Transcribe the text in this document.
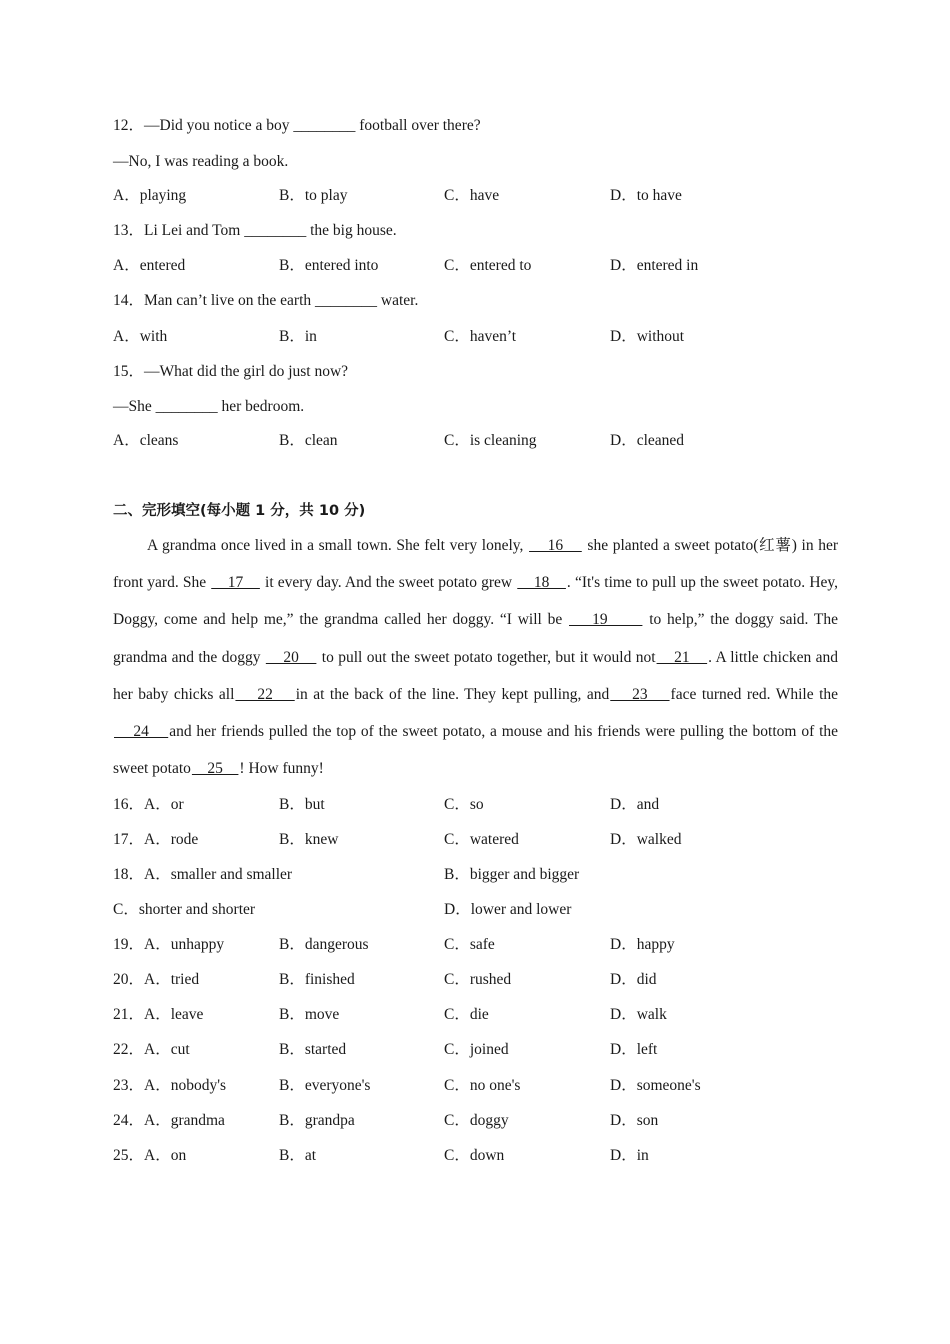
12．—Did you notice a boy ________ football over there?
—No, I was reading a book.
A．playing	B．to play	C．have	D．to have
13．Li Lei and Tom ________ the big house.
A．entered	B．entered into	C．entered to	D．entered in
14．Man can’t live on the earth ________ water.
A．with	B．in	C．haven’t	D．without
15．—What did the girl do just now?
—She ________ her bedroom.
A．cleans	B．clean	C．is cleaning	D．cleaned
二、完形填空(每小题 1 分，共 10 分)
A grandma once lived in a small town. She felt very lonely,     16     she planted a sweet potato(红薯) in her front yard. She     17     it every day. And the sweet potato grew     18    . “It's time to pull up the sweet potato. Hey, Doggy, come and help me,” the grandma called her doggy. “I will be     19       to help,” the doggy said. The grandma and the doggy     20     to pull out the sweet potato together, but it would not    21    . A little chicken and her baby chicks all    22    in at the back of the line. They kept pulling, and    23    face turned red. While the    24    and her friends pulled the top of the sweet potato, a mouse and his friends were pulling the bottom of the sweet potato    25    ! How funny!
16．A．or	B．but	C．so	D．and
17．A．rode	B．knew	C．watered	D．walked
18．A．smaller and smaller	B．bigger and bigger
C．shorter and shorter	D．lower and lower
19．A．unhappy	B．dangerous	C．safe	D．happy
20．A．tried	B．finished	C．rushed	D．did
21．A．leave	B．move	C．die	D．walk
22．A．cut	B．started	C．joined	D．left
23．A．nobody's	B．everyone's	C．no one's	D．someone's
24．A．grandma	B．grandpa	C．doggy	D．son
25．A．on	B．at	C．down	D．in
